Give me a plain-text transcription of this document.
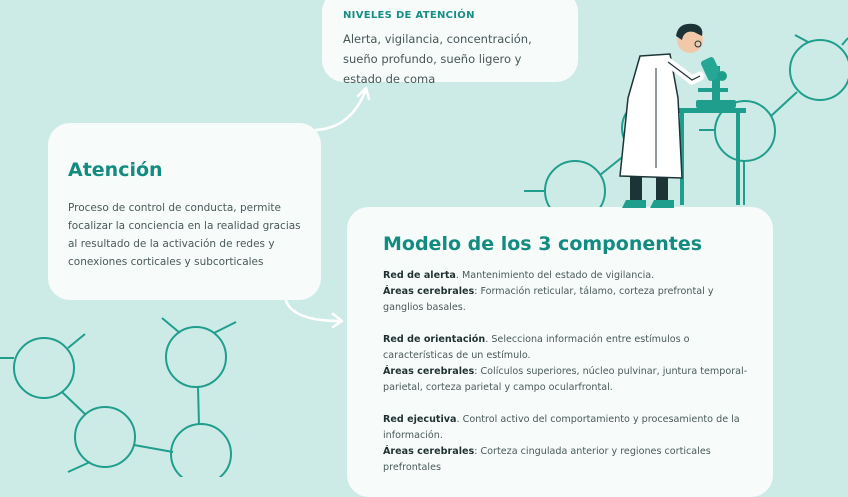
NIVELES DE ATENCIÓN
Alerta, vigilancia, concentración, sueño profundo, sueño ligero y estado de coma
Atención
Proceso de control de conducta, permite focalizar la conciencia en la realidad gracias al resultado de la activación de redes y conexiones corticales y subcorticales
Modelo de los 3 componentes
Red de alerta. Mantenimiento del estado de vigilancia.
Áreas cerebrales: Formación reticular, tálamo, corteza prefrontal y ganglios basales.
Red de orientación. Selecciona información entre estímulos o características de un estímulo.
Áreas cerebrales: Colículos superiores, núcleo pulvinar, juntura temporal-parietal, corteza parietal y campo ocularfrontal.
Red ejecutiva. Control activo del comportamiento y procesamiento de la información.
Áreas cerebrales: Corteza cingulada anterior y regiones corticales prefrontales
